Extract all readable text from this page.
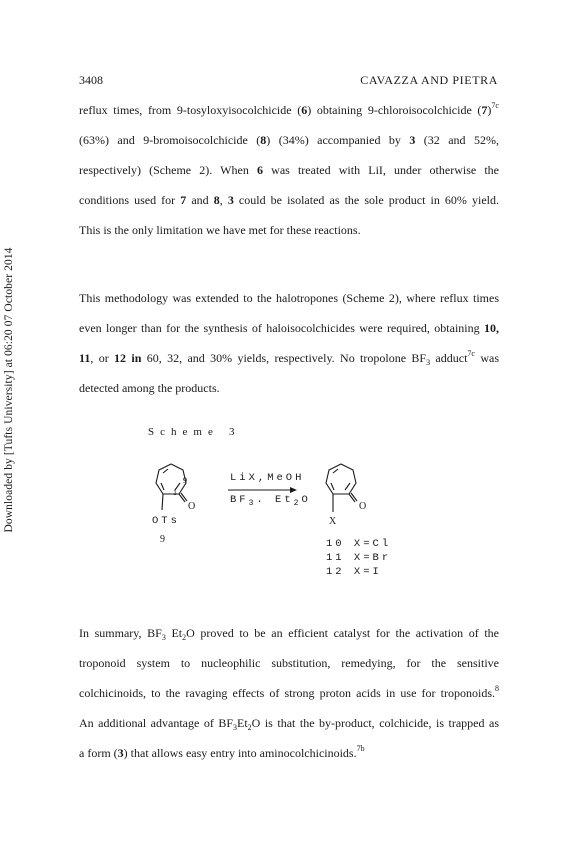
Downloaded by [Tufts University] at 06:20 07 October 2014
3408	CAVAZZA AND PIETRA
reflux times, from 9-tosyloxyisocolchicide (6) obtaining 9-chloroisocolchicide $(7)^{7c}$
(63%) and 9-bromoisocolchicide (8) (34%) accompanied by 3 (32 and 52%,
respectively) (Scheme 2). When 6 was treated with LiI, under otherwise the
conditions used for 7 and 8, 3 could be isolated as the sole product in 60% yield.
This is the only limitation we have met for these reactions.
This methodology was extended to the halotropones (Scheme 2), where reflux times
even longer than for the synthesis of haloisocolchicides were required, obtaining 10,
11, or 12 in 60, 32, and 30% yields, respectively. No tropolone $BF_3$ adduct$^{7c}$ was
detected among the products.
Scheme 3
9
1
O
OTs
9
LiX,MeOH
$BF_3$. $Et_2O$
O
X
10 X=Cl
11 X=Br
12 X=I
In summary, $BF_3$ $Et_2O$ proved to be an efficient catalyst for the activation of the
troponoid system to nucleophilic substitution, remedying, for the sensitive
colchicinoids, to the ravaging effects of strong proton acids in use for troponoids.$^8$
An additional advantage of $BF_3Et_2O$ is that the by-product, colchicide, is trapped as
a form (3) that allows easy entry into aminocolchicinoids.$^{7b}$
